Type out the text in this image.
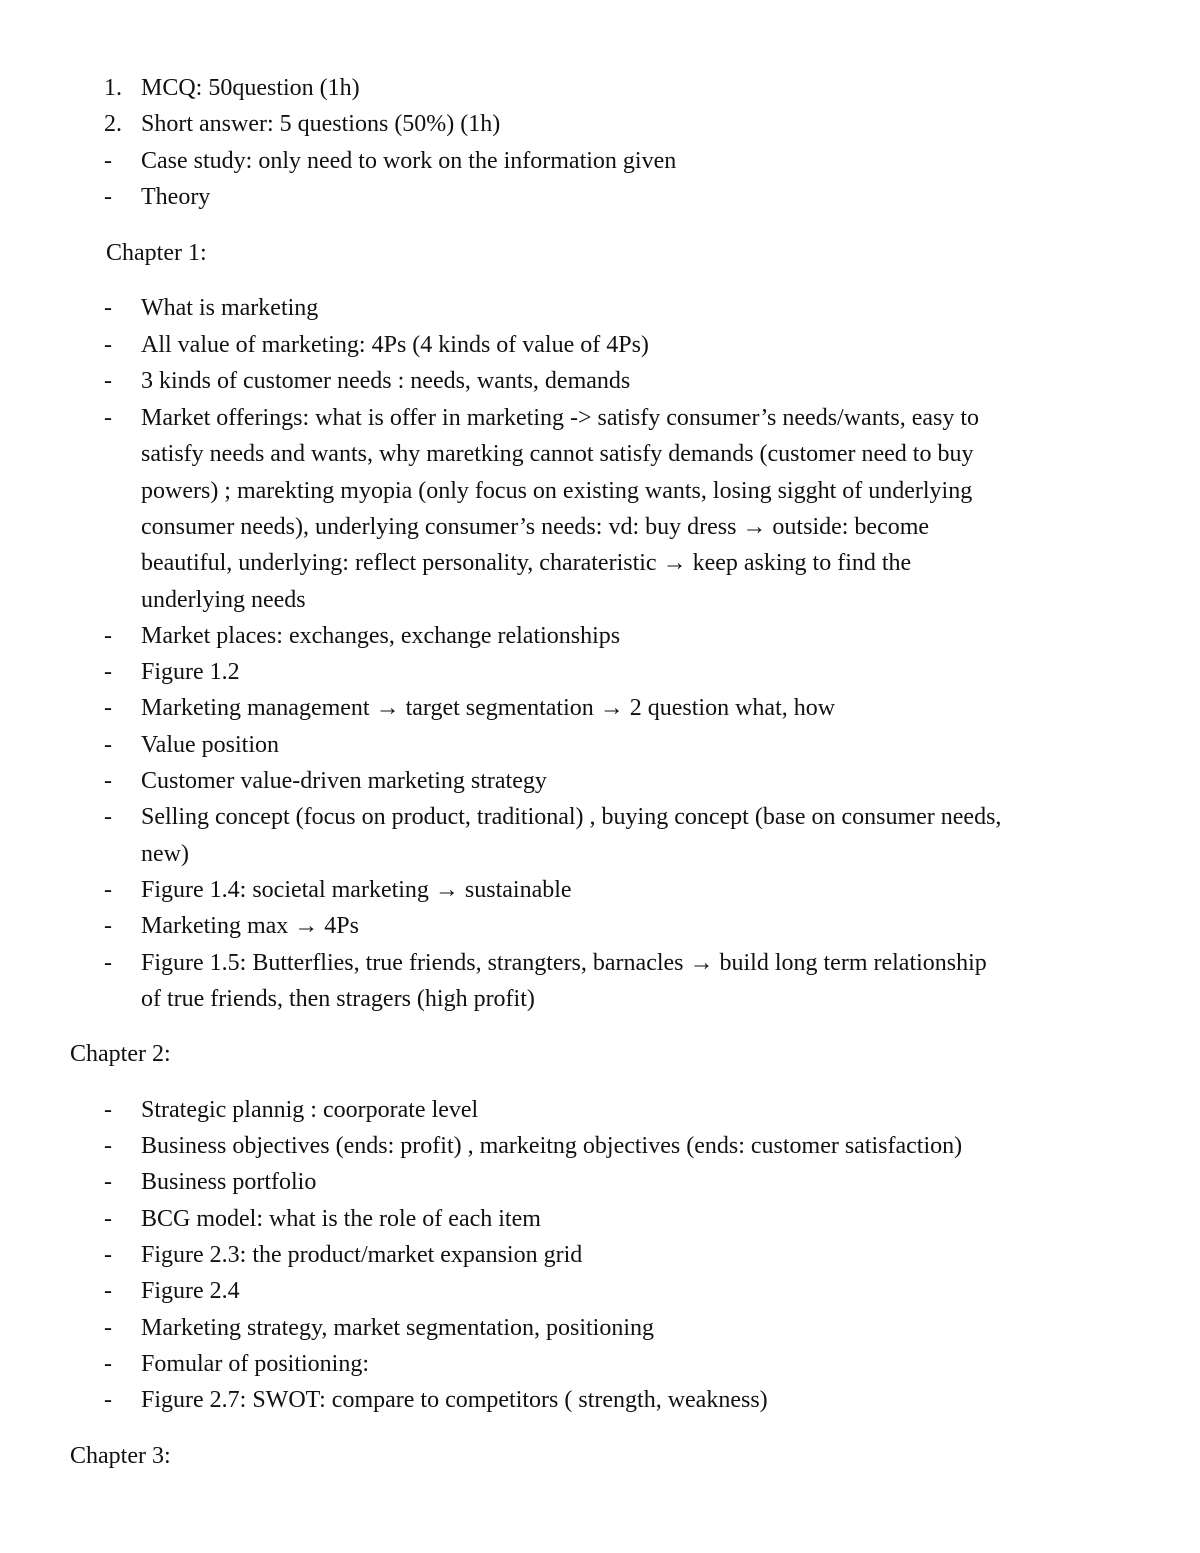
1. MCQ: 50question (1h)
2. Short answer: 5 questions (50%) (1h)
-	Case study: only need to work on the information given
-	Theory
Chapter 1:
-	What is marketing
-	All value of marketing: 4Ps (4 kinds of value of 4Ps)
-	3 kinds of customer needs : needs, wants, demands
-	Market offerings: what is offer in marketing -> satisfy consumer’s needs/wants, easy to
satisfy needs and wants, why maretking cannot satisfy demands (customer need to buy
powers) ; marekting myopia (only focus on existing wants, losing sigght of underlying
consumer needs), underlying consumer’s needs: vd: buy dress → outside: become
beautiful, underlying: reflect personality, charateristic → keep asking to find the
underlying needs
-	Market places: exchanges, exchange relationships
-	Figure 1.2
-	Marketing management → target segmentation → 2 question what, how
-	Value position
-	Customer value-driven marketing strategy
-	Selling concept (focus on product, traditional) , buying concept (base on consumer needs,
new)
-	Figure 1.4: societal marketing → sustainable
-	Marketing max → 4Ps
-	Figure 1.5: Butterflies, true friends, strangters, barnacles → build long term relationship
of true friends, then stragers (high profit)
Chapter 2:
-	Strategic plannig : coorporate level
-	Business objectives (ends: profit) , markeitng objectives (ends: customer satisfaction)
-	Business portfolio
-	BCG model: what is the role of each item
-	Figure 2.3: the product/market expansion grid
-	Figure 2.4
-	Marketing strategy, market segmentation, positioning
-	Fomular of positioning:
-	Figure 2.7: SWOT: compare to competitors ( strength, weakness)
Chapter 3:
